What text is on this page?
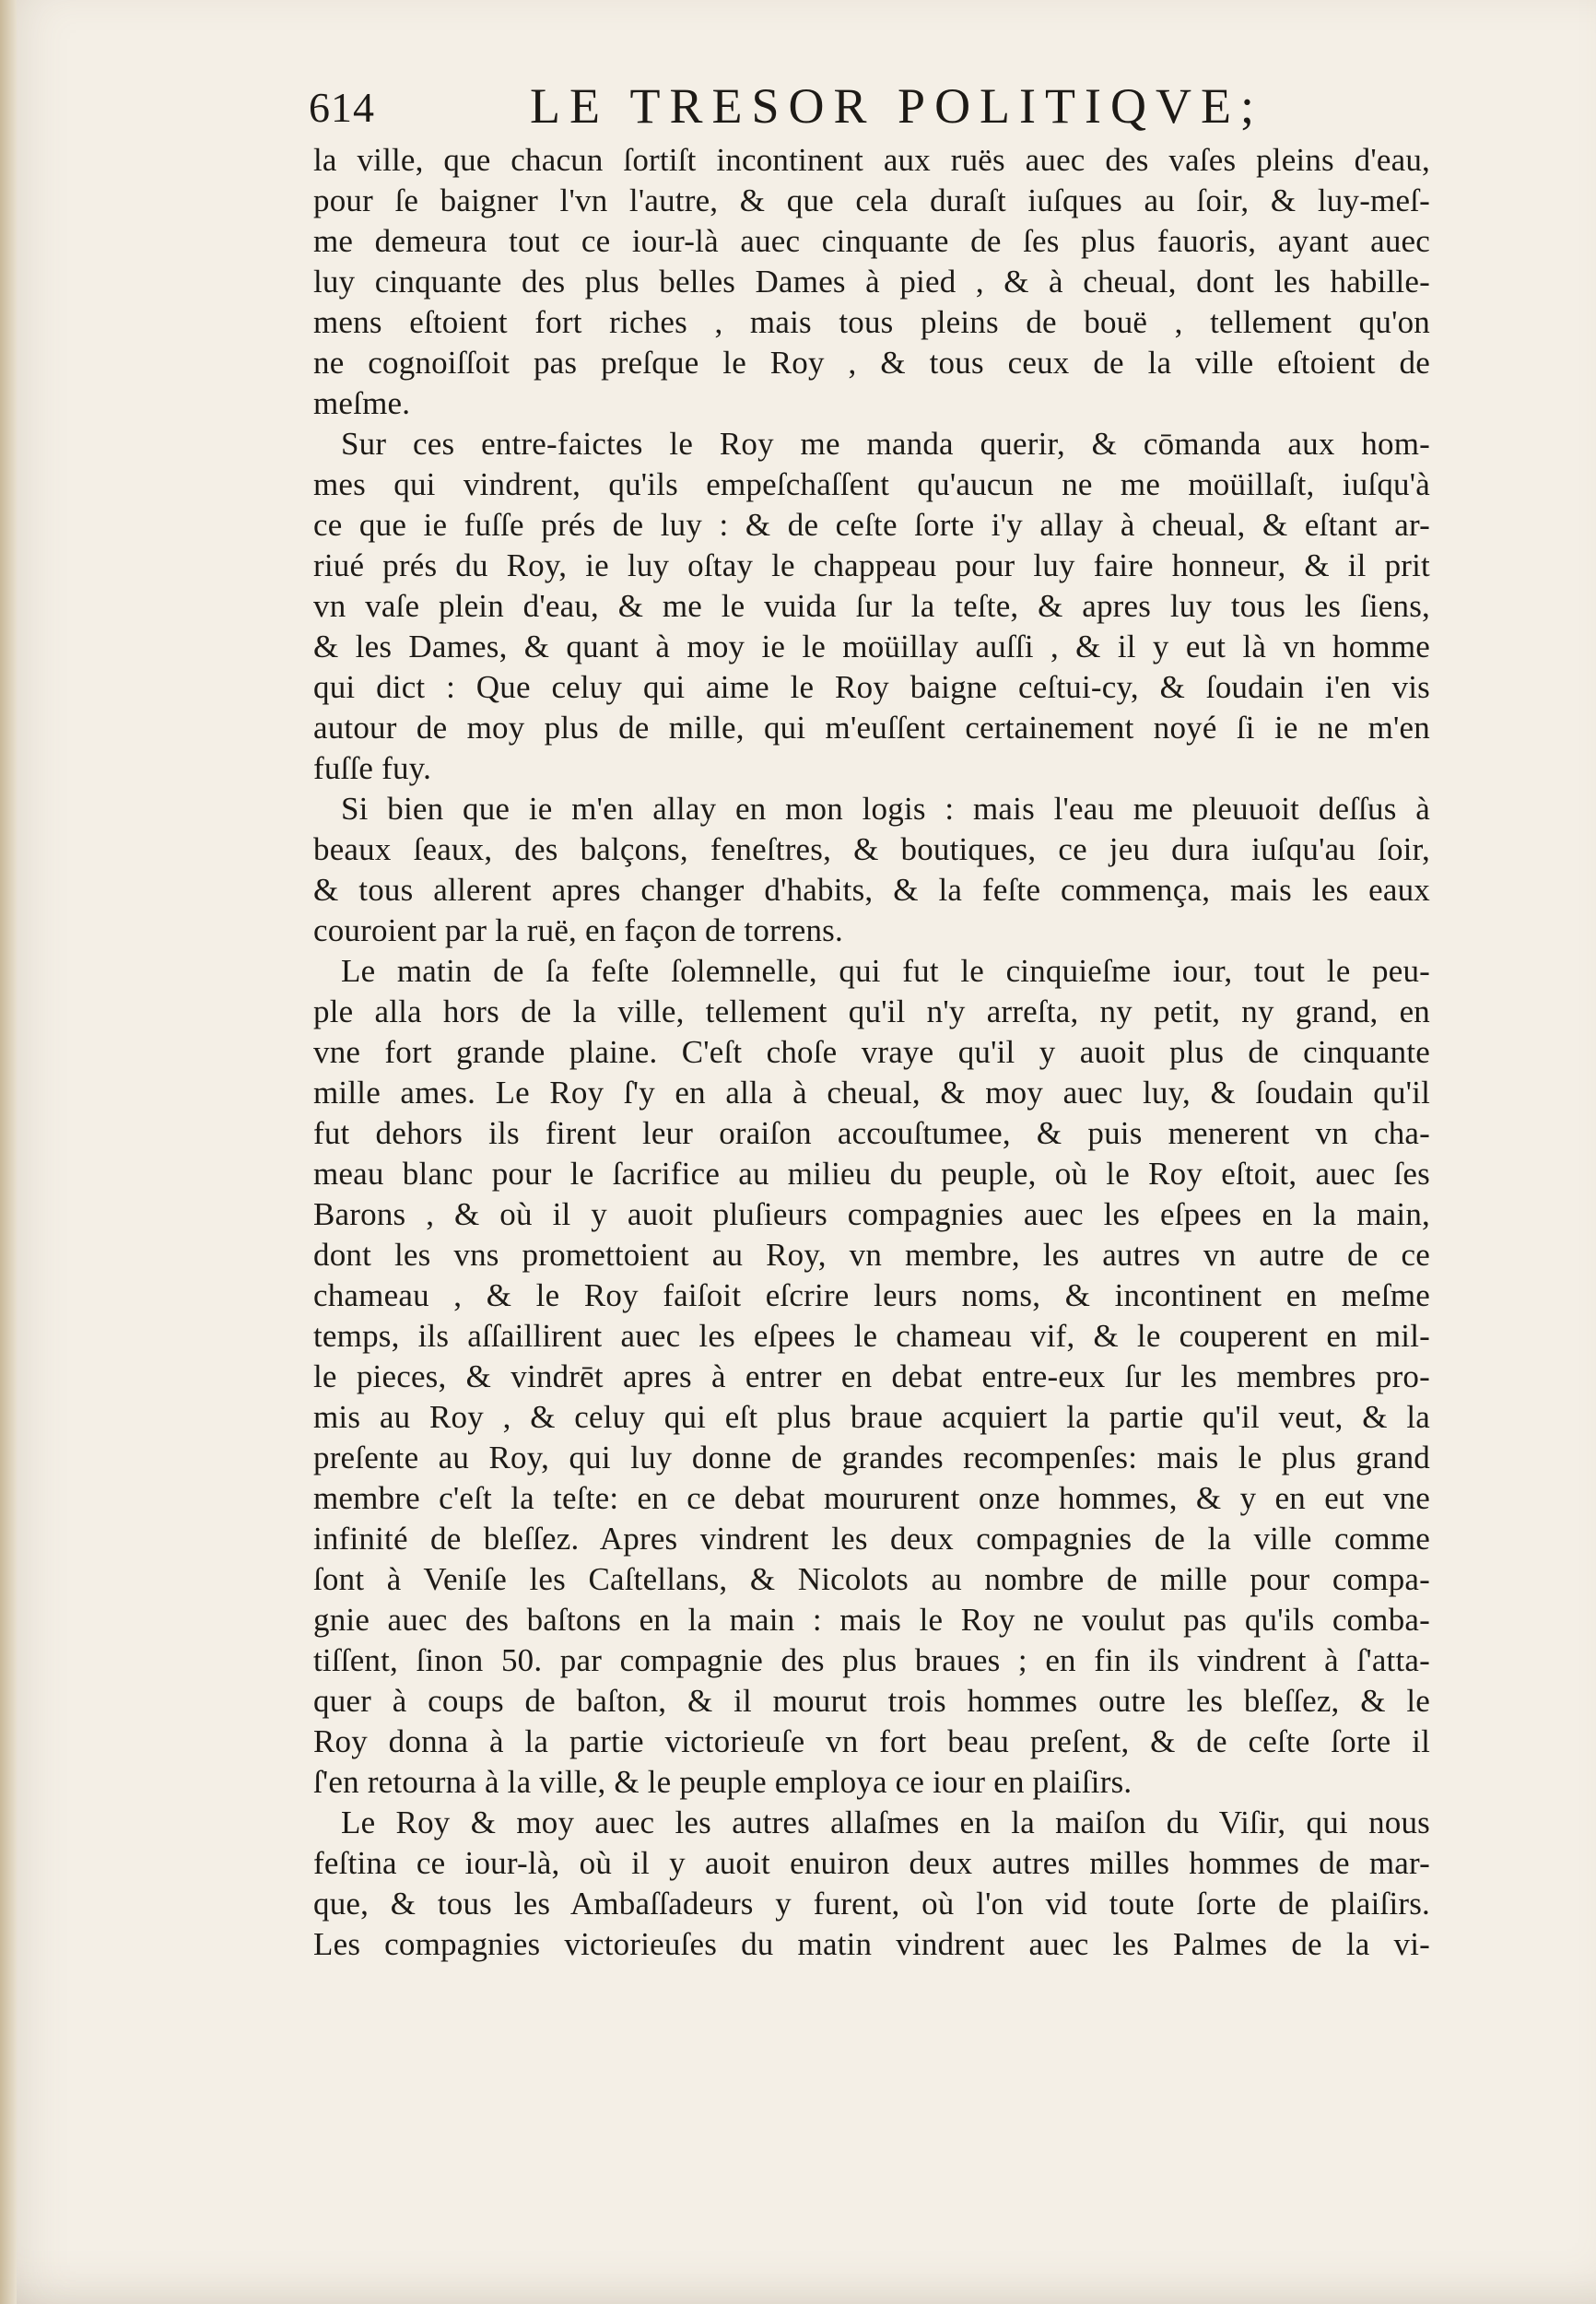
614	LE TRESOR POLITIQVE;
la ville, que chacun ſortiſt incontinent aux ruës auec des vaſes pleins d'eau,
pour ſe baigner l'vn l'autre, & que cela duraſt iuſques au ſoir, & luy-meſ-
me demeura tout ce iour-là auec cinquante de ſes plus fauoris, ayant auec
luy cinquante des plus belles Dames à pied , & à cheual, dont les habille-
mens eſtoient fort riches , mais tous pleins de bouë , tellement qu'on
ne cognoiſſoit pas preſque le Roy , & tous ceux de la ville eſtoient de
meſme.
Sur ces entre-faictes le Roy me manda querir, & cōmanda aux hom-
mes qui vindrent, qu'ils empeſchaſſent qu'aucun ne me moüillaſt, iuſqu'à
ce que ie fuſſe prés de luy : & de ceſte ſorte i'y allay à cheual, & eſtant ar-
riué prés du Roy, ie luy oſtay le chappeau pour luy faire honneur, & il prit
vn vaſe plein d'eau, & me le vuida ſur la teſte, & apres luy tous les ſiens,
& les Dames, & quant à moy ie le moüillay auſſi , & il y eut là vn homme
qui dict : Que celuy qui aime le Roy baigne ceſtui-cy, & ſoudain i'en vis
autour de moy plus de mille, qui m'euſſent certainement noyé ſi ie ne m'en
fuſſe fuy.
Si bien que ie m'en allay en mon logis : mais l'eau me pleuuoit deſſus à
beaux ſeaux, des balçons, feneſtres, & boutiques, ce jeu dura iuſqu'au ſoir,
& tous allerent apres changer d'habits, & la feſte commença, mais les eaux
couroient par la ruë, en façon de torrens.
Le matin de ſa feſte ſolemnelle, qui fut le cinquieſme iour, tout le peu-
ple alla hors de la ville, tellement qu'il n'y arreſta, ny petit, ny grand, en
vne fort grande plaine. C'eſt choſe vraye qu'il y auoit plus de cinquante
mille ames. Le Roy ſ'y en alla à cheual, & moy auec luy, & ſoudain qu'il
fut dehors ils firent leur oraiſon accouſtumee, & puis menerent vn cha-
meau blanc pour le ſacrifice au milieu du peuple, où le Roy eſtoit, auec ſes
Barons , & où il y auoit pluſieurs compagnies auec les eſpees en la main,
dont les vns promettoient au Roy, vn membre, les autres vn autre de ce
chameau , & le Roy faiſoit eſcrire leurs noms, & incontinent en meſme
temps, ils aſſaillirent auec les eſpees le chameau vif, & le couperent en mil-
le pieces, & vindrēt apres à entrer en debat entre-eux ſur les membres pro-
mis au Roy , & celuy qui eſt plus braue acquiert la partie qu'il veut, & la
preſente au Roy, qui luy donne de grandes recompenſes: mais le plus grand
membre c'eſt la teſte: en ce debat moururent onze hommes, & y en eut vne
infinité de bleſſez. Apres vindrent les deux compagnies de la ville comme
ſont à Veniſe les Caſtellans, & Nicolots au nombre de mille pour compa-
gnie auec des baſtons en la main : mais le Roy ne voulut pas qu'ils comba-
tiſſent, ſinon 50. par compagnie des plus braues ; en fin ils vindrent à ſ'atta-
quer à coups de baſton, & il mourut trois hommes outre les bleſſez, & le
Roy donna à la partie victorieuſe vn fort beau preſent, & de ceſte ſorte il
ſ'en retourna à la ville, & le peuple employa ce iour en plaiſirs.
Le Roy & moy auec les autres allaſmes en la maiſon du Viſir, qui nous
feſtina ce iour-là, où il y auoit enuiron deux autres milles hommes de mar-
que, & tous les Ambaſſadeurs y furent, où l'on vid toute ſorte de plaiſirs.
Les compagnies victorieuſes du matin vindrent auec les Palmes de la vi-
